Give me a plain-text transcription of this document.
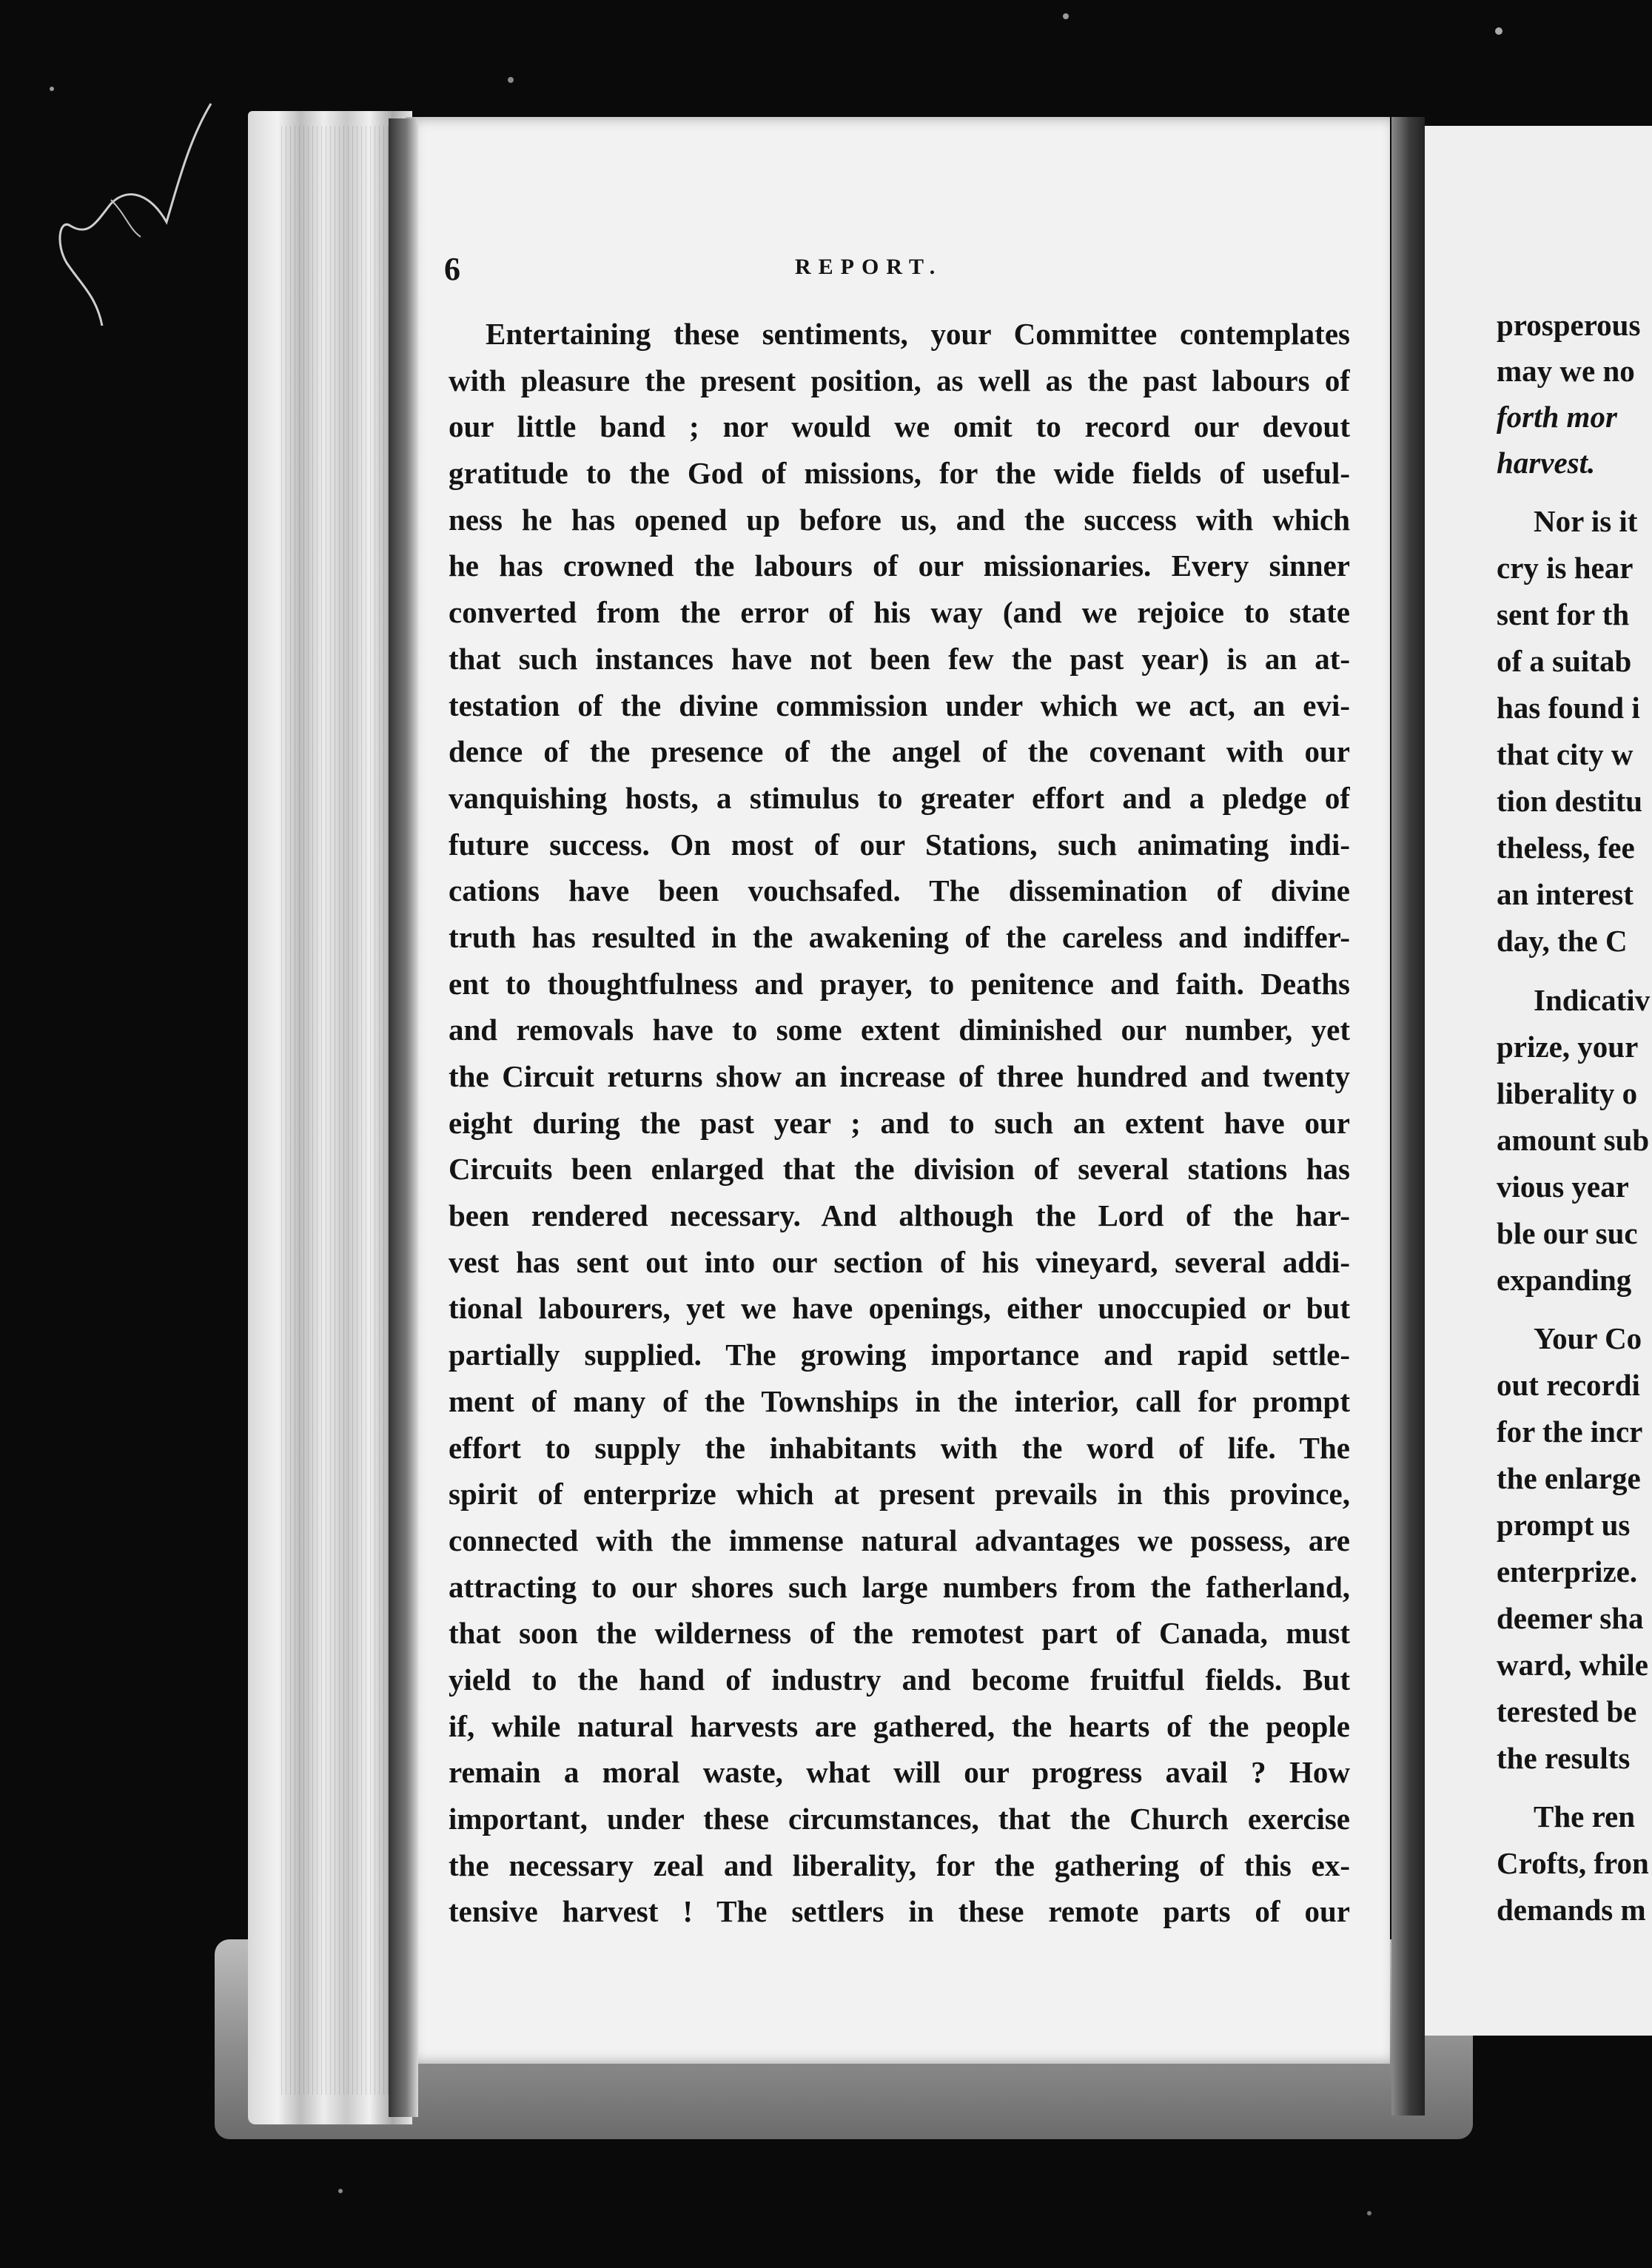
6	REPORT.
Entertaining these sentiments, your Committee contemplates
with pleasure the present position, as well as the past labours of
our little band ; nor would we omit to record our devout
gratitude to the God of missions, for the wide fields of useful-
ness he has opened up before us, and the success with which
he has crowned the labours of our missionaries. Every sinner
converted from the error of his way (and we rejoice to state
that such instances have not been few the past year) is an at-
testation of the divine commission under which we act, an evi-
dence of the presence of the angel of the covenant with our
vanquishing hosts, a stimulus to greater effort and a pledge of
future success. On most of our Stations, such animating indi-
cations have been vouchsafed. The dissemination of divine
truth has resulted in the awakening of the careless and indiffer-
ent to thoughtfulness and prayer, to penitence and faith. Deaths
and removals have to some extent diminished our number, yet
the Circuit returns show an increase of three hundred and twenty
eight during the past year ; and to such an extent have our
Circuits been enlarged that the division of several stations has
been rendered necessary. And although the Lord of the har-
vest has sent out into our section of his vineyard, several addi-
tional labourers, yet we have openings, either unoccupied or but
partially supplied. The growing importance and rapid settle-
ment of many of the Townships in the interior, call for prompt
effort to supply the inhabitants with the word of life. The
spirit of enterprize which at present prevails in this province,
connected with the immense natural advantages we possess, are
attracting to our shores such large numbers from the fatherland,
that soon the wilderness of the remotest part of Canada, must
yield to the hand of industry and become fruitful fields. But
if, while natural harvests are gathered, the hearts of the people
remain a moral waste, what will our progress avail ? How
important, under these circumstances, that the Church exercise
the necessary zeal and liberality, for the gathering of this ex-
tensive harvest ! The settlers in these remote parts of our
prosperous
may we no
forth mor
harvest.
Nor is it
cry is hear
sent for th
of a suitab
has found i
that city w
tion destitu
theless, fee
an interest
day, the C
Indicativ
prize, your
liberality o
amount sub
vious year
ble our suc
expanding
Your Co
out recordi
for the incr
the enlarge
prompt us
enterprize.
deemer sha
ward, while
terested be
the results
The ren
Crofts, fron
demands m
